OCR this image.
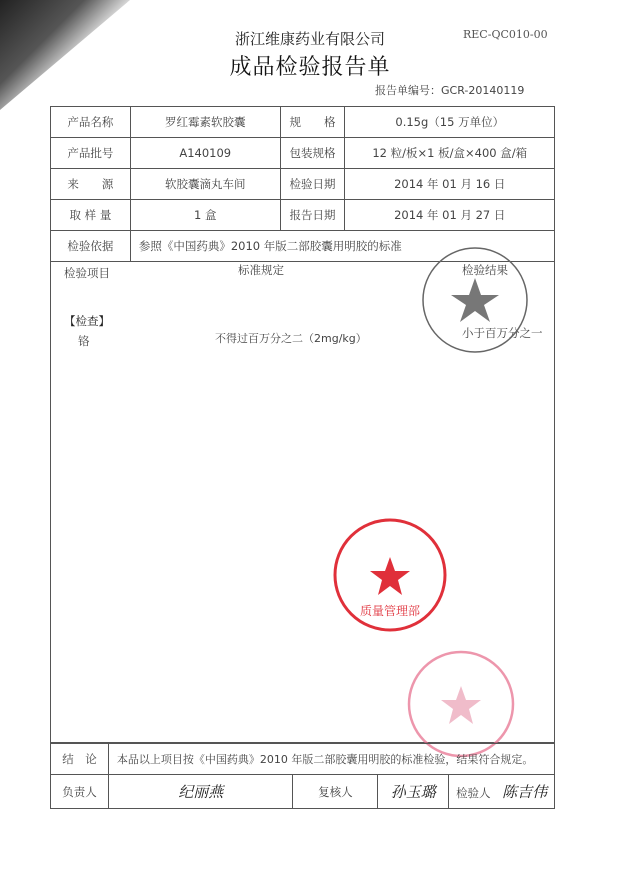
浙江维康药业有限公司
成品检验报告单
REC-QC010-00
报告单编号：GCR-20140119
产品名称	罗红霉素软胶囊	规　　格	0.15g（15 万单位）
产品批号	A140109	包装规格	12 粒/板×1 板/盒×400 盒/箱
来　　源	软胶囊滴丸车间	检验日期	2014 年 01 月 16 日
取 样 量	1 盒	报告日期	2014 年 01 月 27 日
检验依据	参照《中国药典》2010 年版二部胶囊用明胶的标准		
检验项目	标准规定	检验结果
【检查】
铬	不得过百万分之二（2mg/kg）	小于百万分之一
质量管理部
结　论	本品以上项目按《中国药典》2010 年版二部胶囊用明胶的标准检验，结果符合规定。			
负责人	纪丽燕	复核人	孙玉璐	检验人　 陈吉伟
